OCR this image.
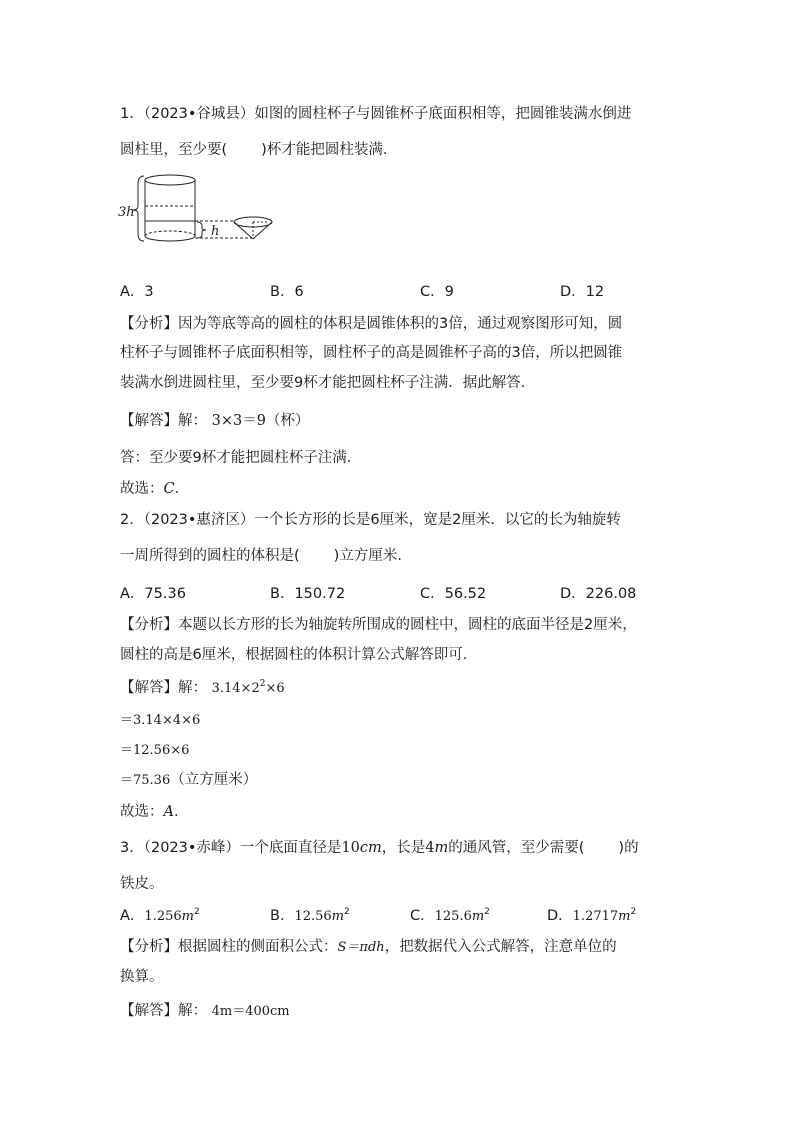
1．（2023•谷城县）如图的圆柱杯子与圆锥杯子底面积相等，把圆锥装满水倒进
圆柱里，至少要( )杯才能把圆柱装满．
3h
h
A．3	B．6	C．9	D．12
【分析】因为等底等高的圆柱的体积是圆锥体积的3倍，通过观察图形可知，圆
柱杯子与圆锥杯子底面积相等，圆柱杯子的高是圆锥杯子高的3倍，所以把圆锥
装满水倒进圆柱里，至少要9杯才能把圆柱杯子注满．据此解答．
【解答】解： 3×3＝9（杯）
答：至少要9杯才能把圆柱杯子注满．
故选：C．
2．（2023•惠济区）一个长方形的长是6厘米，宽是2厘米．以它的长为轴旋转
一周所得到的圆柱的体积是( )立方厘米．
A．75.36	B．150.72	C．56.52	D．226.08
【分析】本题以长方形的长为轴旋转所围成的圆柱中，圆柱的底面半径是2厘米，
圆柱的高是6厘米，根据圆柱的体积计算公式解答即可．
【解答】解： $3.14\times 2^2\times 6$
＝3.14×4×6
＝12.56×6
＝75.36（立方厘米）
故选：A．
3．（2023•赤峰）一个底面直径是10cm，长是4m的通风管，至少需要( )的
铁皮。
A．1.256m2	B．12.56m2	C．125.6m2	D．1.2717m2
【分析】根据圆柱的侧面积公式：S＝πdh，把数据代入公式解答，注意单位的
换算。
【解答】解： 4m＝400cm
